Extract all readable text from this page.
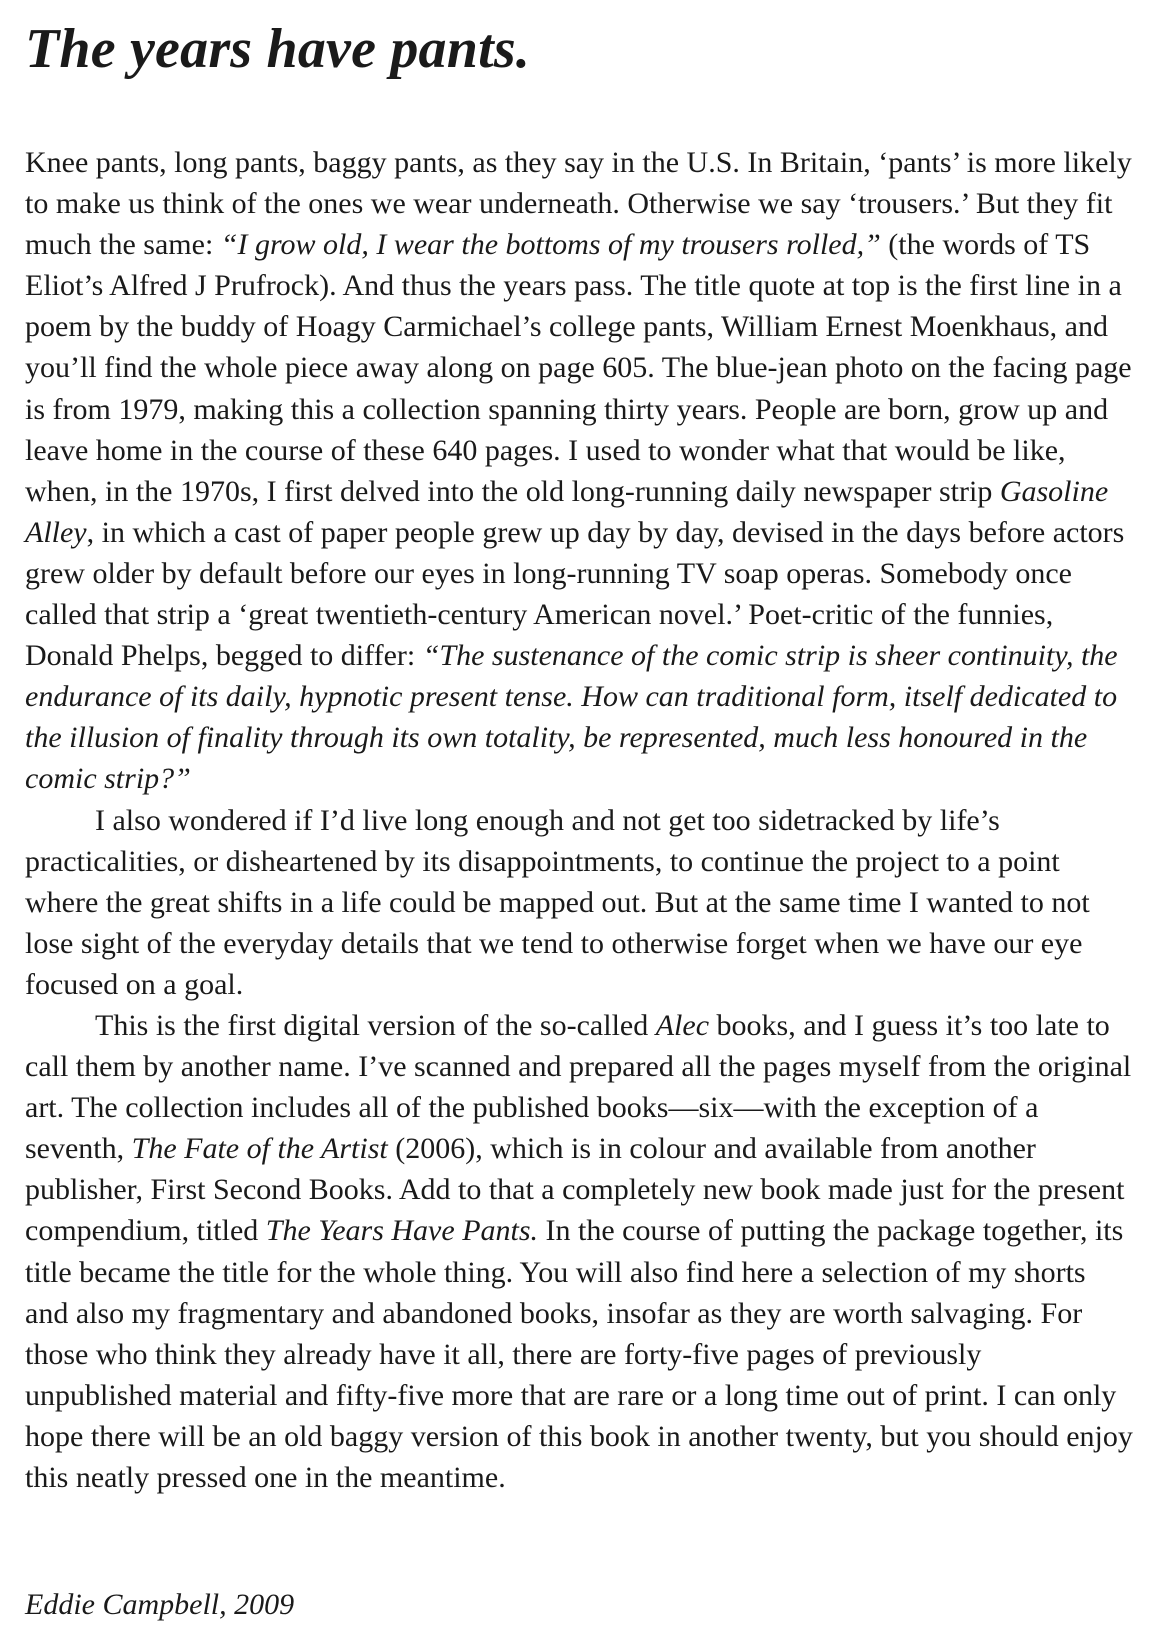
The years have pants.

Knee pants, long pants, baggy pants, as they say in the U.S. In Britain, ‘pants’ is more likely to make us think of the ones we wear underneath. Otherwise we say ‘trousers.’ But they fit much the same: “I grow old, I wear the bottoms of my trousers rolled,” (the words of TS Eliot’s Alfred J Prufrock). And thus the years pass. The title quote at top is the first line in a poem by the buddy of Hoagy Carmichael’s college pants, William Ernest Moenkhaus, and you’ll find the whole piece away along on page 605. The blue-jean photo on the facing page is from 1979, making this a collection spanning thirty years. People are born, grow up and leave home in the course of these 640 pages. I used to wonder what that would be like, when, in the 1970s, I first delved into the old long-running daily newspaper strip Gasoline Alley, in which a cast of paper people grew up day by day, devised in the days before actors grew older by default before our eyes in long-running TV soap operas. Somebody once called that strip a ‘great twentieth-century American novel.’ Poet-critic of the funnies, Donald Phelps, begged to differ: “The sustenance of the comic strip is sheer continuity, the endurance of its daily, hypnotic present tense. How can traditional form, itself dedicated to the illusion of finality through its own totality, be represented, much less honoured in the comic strip?”

I also wondered if I’d live long enough and not get too sidetracked by life’s practicalities, or disheartened by its disappointments, to continue the project to a point where the great shifts in a life could be mapped out. But at the same time I wanted to not lose sight of the everyday details that we tend to otherwise forget when we have our eye focused on a goal.

This is the first digital version of the so-called Alec books, and I guess it’s too late to call them by another name. I’ve scanned and prepared all the pages myself from the original art. The collection includes all of the published books—six—with the exception of a seventh, The Fate of the Artist (2006), which is in colour and available from another publisher, First Second Books. Add to that a completely new book made just for the present compendium, titled The Years Have Pants. In the course of putting the package together, its title became the title for the whole thing. You will also find here a selection of my shorts and also my fragmentary and abandoned books, insofar as they are worth salvaging. For those who think they already have it all, there are forty-five pages of previously unpublished material and fifty-five more that are rare or a long time out of print. I can only hope there will be an old baggy version of this book in another twenty, but you should enjoy this neatly pressed one in the meantime.

Eddie Campbell, 2009
